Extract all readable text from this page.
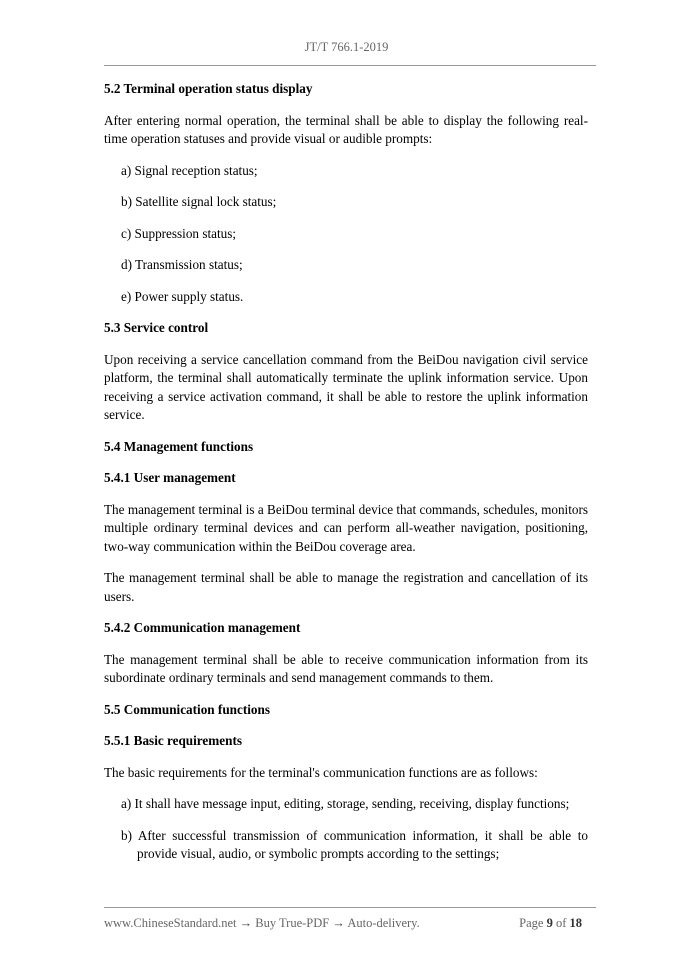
JT/T 766.1-2019
5.2 Terminal operation status display
After entering normal operation, the terminal shall be able to display the following real-time operation statuses and provide visual or audible prompts:
a) Signal reception status;
b) Satellite signal lock status;
c) Suppression status;
d) Transmission status;
e) Power supply status.
5.3 Service control
Upon receiving a service cancellation command from the BeiDou navigation civil service platform, the terminal shall automatically terminate the uplink information service. Upon receiving a service activation command, it shall be able to restore the uplink information service.
5.4 Management functions
5.4.1 User management
The management terminal is a BeiDou terminal device that commands, schedules, monitors multiple ordinary terminal devices and can perform all-weather navigation, positioning, two-way communication within the BeiDou coverage area.
The management terminal shall be able to manage the registration and cancellation of its users.
5.4.2 Communication management
The management terminal shall be able to receive communication information from its subordinate ordinary terminals and send management commands to them.
5.5 Communication functions
5.5.1 Basic requirements
The basic requirements for the terminal's communication functions are as follows:
a) It shall have message input, editing, storage, sending, receiving, display functions;
b) After successful transmission of communication information, it shall be able to provide visual, audio, or symbolic prompts according to the settings;
www.ChineseStandard.net → Buy True-PDF → Auto-delivery.	Page 9 of 18
